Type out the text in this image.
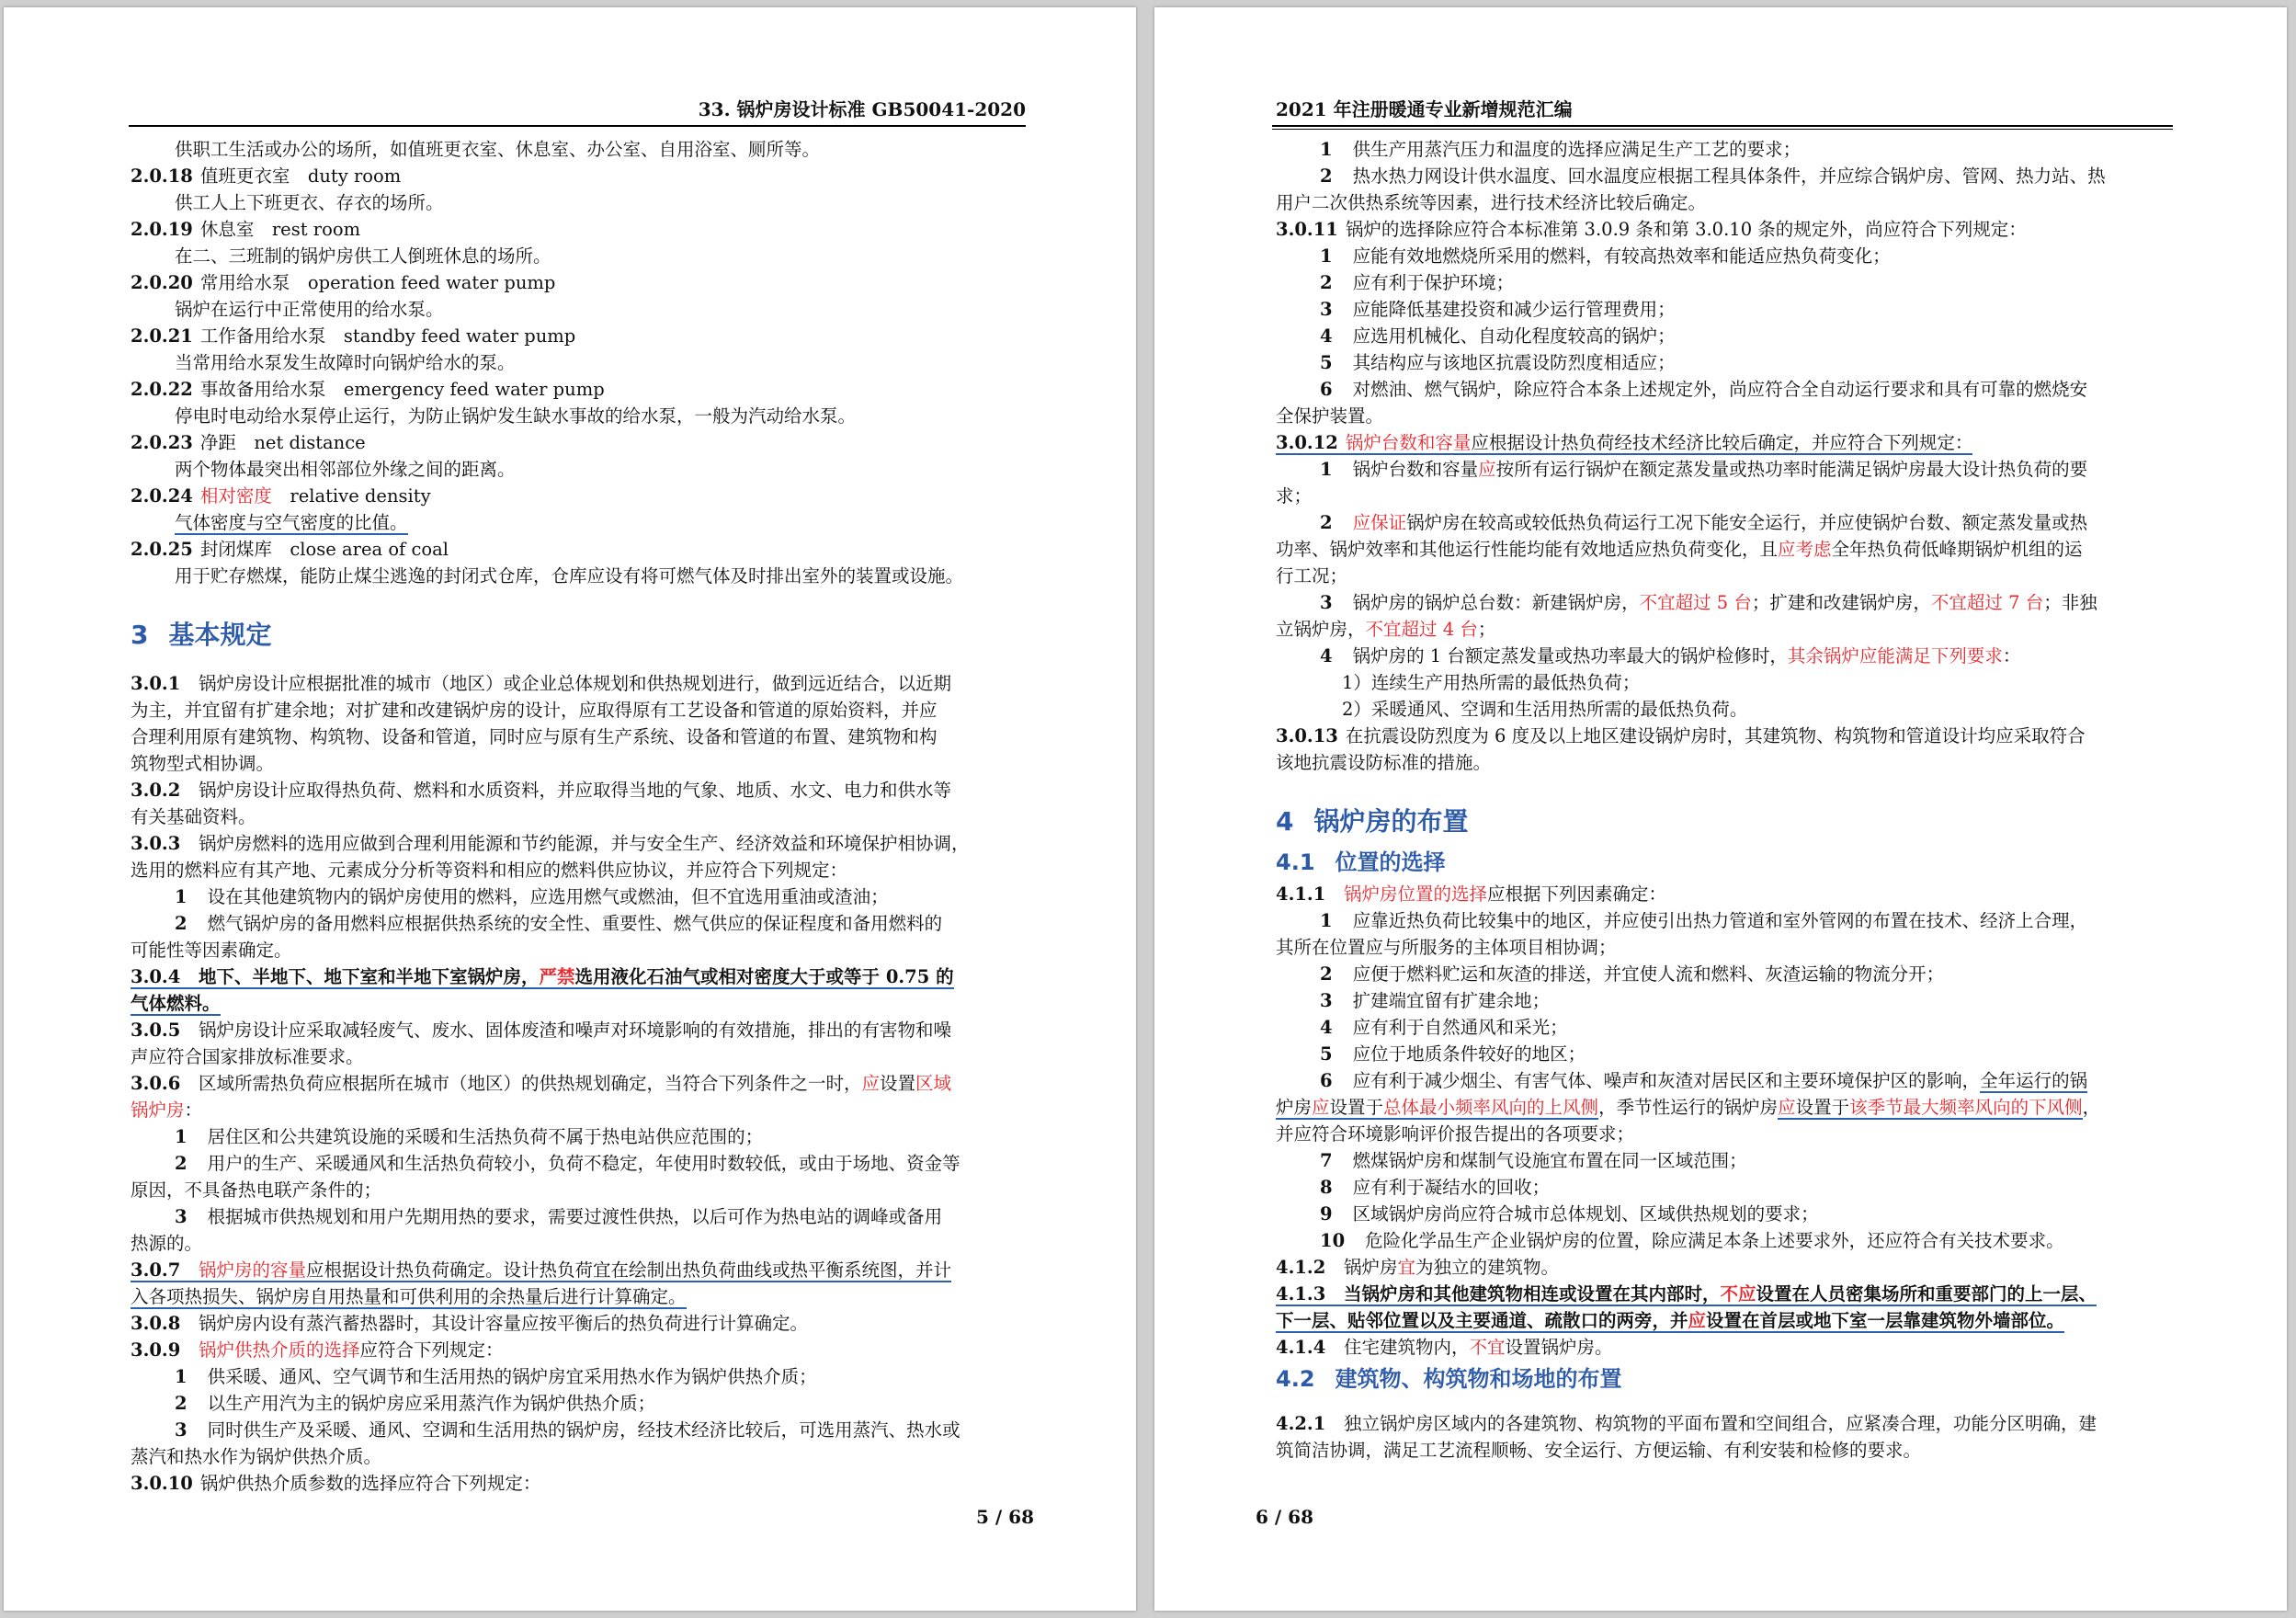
33. 锅炉房设计标准 GB50041-2020
供职工生活或办公的场所，如值班更衣室、休息室、办公室、自用浴室、厕所等。
2.0.18 值班更衣室　duty room
供工人上下班更衣、存衣的场所。
2.0.19 休息室　rest room
在二、三班制的锅炉房供工人倒班休息的场所。
2.0.20 常用给水泵　operation feed water pump
锅炉在运行中正常使用的给水泵。
2.0.21 工作备用给水泵　standby feed water pump
当常用给水泵发生故障时向锅炉给水的泵。
2.0.22 事故备用给水泵　emergency feed water pump
停电时电动给水泵停止运行，为防止锅炉发生缺水事故的给水泵，一般为汽动给水泵。
2.0.23 净距　net distance
两个物体最突出相邻部位外缘之间的距离。
2.0.24 相对密度　relative density
气体密度与空气密度的比值。
2.0.25 封闭煤库　close area of coal
用于贮存燃煤，能防止煤尘逃逸的封闭式仓库，仓库应设有将可燃气体及时排出室外的装置或设施。
3 基本规定
3.0.1 锅炉房设计应根据批准的城市（地区）或企业总体规划和供热规划进行，做到远近结合，以近期
为主，并宜留有扩建余地；对扩建和改建锅炉房的设计，应取得原有工艺设备和管道的原始资料，并应
合理利用原有建筑物、构筑物、设备和管道，同时应与原有生产系统、设备和管道的布置、建筑物和构
筑物型式相协调。
3.0.2 锅炉房设计应取得热负荷、燃料和水质资料，并应取得当地的气象、地质、水文、电力和供水等
有关基础资料。
3.0.3 锅炉房燃料的选用应做到合理利用能源和节约能源，并与安全生产、经济效益和环境保护相协调，
选用的燃料应有其产地、元素成分分析等资料和相应的燃料供应协议，并应符合下列规定：
1 设在其他建筑物内的锅炉房使用的燃料，应选用燃气或燃油，但不宜选用重油或渣油；
2 燃气锅炉房的备用燃料应根据供热系统的安全性、重要性、燃气供应的保证程度和备用燃料的
可能性等因素确定。
3.0.4 地下、半地下、地下室和半地下室锅炉房，严禁选用液化石油气或相对密度大于或等于 0.75 的
气体燃料。
3.0.5 锅炉房设计应采取减轻废气、废水、固体废渣和噪声对环境影响的有效措施，排出的有害物和噪
声应符合国家排放标准要求。
3.0.6 区域所需热负荷应根据所在城市（地区）的供热规划确定，当符合下列条件之一时，应设置区域
锅炉房：
1 居住区和公共建筑设施的采暖和生活热负荷不属于热电站供应范围的；
2 用户的生产、采暖通风和生活热负荷较小，负荷不稳定，年使用时数较低，或由于场地、资金等
原因，不具备热电联产条件的；
3 根据城市供热规划和用户先期用热的要求，需要过渡性供热，以后可作为热电站的调峰或备用
热源的。
3.0.7 锅炉房的容量应根据设计热负荷确定。设计热负荷宜在绘制出热负荷曲线或热平衡系统图，并计
入各项热损失、锅炉房自用热量和可供利用的余热量后进行计算确定。
3.0.8 锅炉房内设有蒸汽蓄热器时，其设计容量应按平衡后的热负荷进行计算确定。
3.0.9 锅炉供热介质的选择应符合下列规定：
1 供采暖、通风、空气调节和生活用热的锅炉房宜采用热水作为锅炉供热介质；
2 以生产用汽为主的锅炉房应采用蒸汽作为锅炉供热介质；
3 同时供生产及采暖、通风、空调和生活用热的锅炉房，经技术经济比较后，可选用蒸汽、热水或
蒸汽和热水作为锅炉供热介质。
3.0.10 锅炉供热介质参数的选择应符合下列规定：
5 / 68
2021 年注册暖通专业新增规范汇编
1 供生产用蒸汽压力和温度的选择应满足生产工艺的要求；
2 热水热力网设计供水温度、回水温度应根据工程具体条件，并应综合锅炉房、管网、热力站、热
用户二次供热系统等因素，进行技术经济比较后确定。
3.0.11 锅炉的选择除应符合本标准第 3.0.9 条和第 3.0.10 条的规定外，尚应符合下列规定：
1 应能有效地燃烧所采用的燃料，有较高热效率和能适应热负荷变化；
2 应有利于保护环境；
3 应能降低基建投资和减少运行管理费用；
4 应选用机械化、自动化程度较高的锅炉；
5 其结构应与该地区抗震设防烈度相适应；
6 对燃油、燃气锅炉，除应符合本条上述规定外，尚应符合全自动运行要求和具有可靠的燃烧安
全保护装置。
3.0.12 锅炉台数和容量应根据设计热负荷经技术经济比较后确定，并应符合下列规定：
1 锅炉台数和容量应按所有运行锅炉在额定蒸发量或热功率时能满足锅炉房最大设计热负荷的要
求；
2 应保证锅炉房在较高或较低热负荷运行工况下能安全运行，并应使锅炉台数、额定蒸发量或热
功率、锅炉效率和其他运行性能均能有效地适应热负荷变化，且应考虑全年热负荷低峰期锅炉机组的运
行工况；
3 锅炉房的锅炉总台数：新建锅炉房，不宜超过 5 台；扩建和改建锅炉房，不宜超过 7 台；非独
立锅炉房，不宜超过 4 台；
4 锅炉房的 1 台额定蒸发量或热功率最大的锅炉检修时，其余锅炉应能满足下列要求：
1）连续生产用热所需的最低热负荷；
2）采暖通风、空调和生活用热所需的最低热负荷。
3.0.13 在抗震设防烈度为 6 度及以上地区建设锅炉房时，其建筑物、构筑物和管道设计均应采取符合
该地抗震设防标准的措施。
4 锅炉房的布置
4.1 位置的选择
4.1.1 锅炉房位置的选择应根据下列因素确定：
1 应靠近热负荷比较集中的地区，并应使引出热力管道和室外管网的布置在技术、经济上合理，
其所在位置应与所服务的主体项目相协调；
2 应便于燃料贮运和灰渣的排送，并宜使人流和燃料、灰渣运输的物流分开；
3 扩建端宜留有扩建余地；
4 应有利于自然通风和采光；
5 应位于地质条件较好的地区；
6 应有利于减少烟尘、有害气体、噪声和灰渣对居民区和主要环境保护区的影响，全年运行的锅
炉房应设置于总体最小频率风向的上风侧，季节性运行的锅炉房应设置于该季节最大频率风向的下风侧，
并应符合环境影响评价报告提出的各项要求；
7 燃煤锅炉房和煤制气设施宜布置在同一区域范围；
8 应有利于凝结水的回收；
9 区域锅炉房尚应符合城市总体规划、区域供热规划的要求；
10 危险化学品生产企业锅炉房的位置，除应满足本条上述要求外，还应符合有关技术要求。
4.1.2 锅炉房宜为独立的建筑物。
4.1.3 当锅炉房和其他建筑物相连或设置在其内部时，不应设置在人员密集场所和重要部门的上一层、
下一层、贴邻位置以及主要通道、疏散口的两旁，并应设置在首层或地下室一层靠建筑物外墙部位。
4.1.4 住宅建筑物内，不宜设置锅炉房。
4.2 建筑物、构筑物和场地的布置
4.2.1 独立锅炉房区域内的各建筑物、构筑物的平面布置和空间组合，应紧凑合理，功能分区明确，建
筑简洁协调，满足工艺流程顺畅、安全运行、方便运输、有利安装和检修的要求。
6 / 68
